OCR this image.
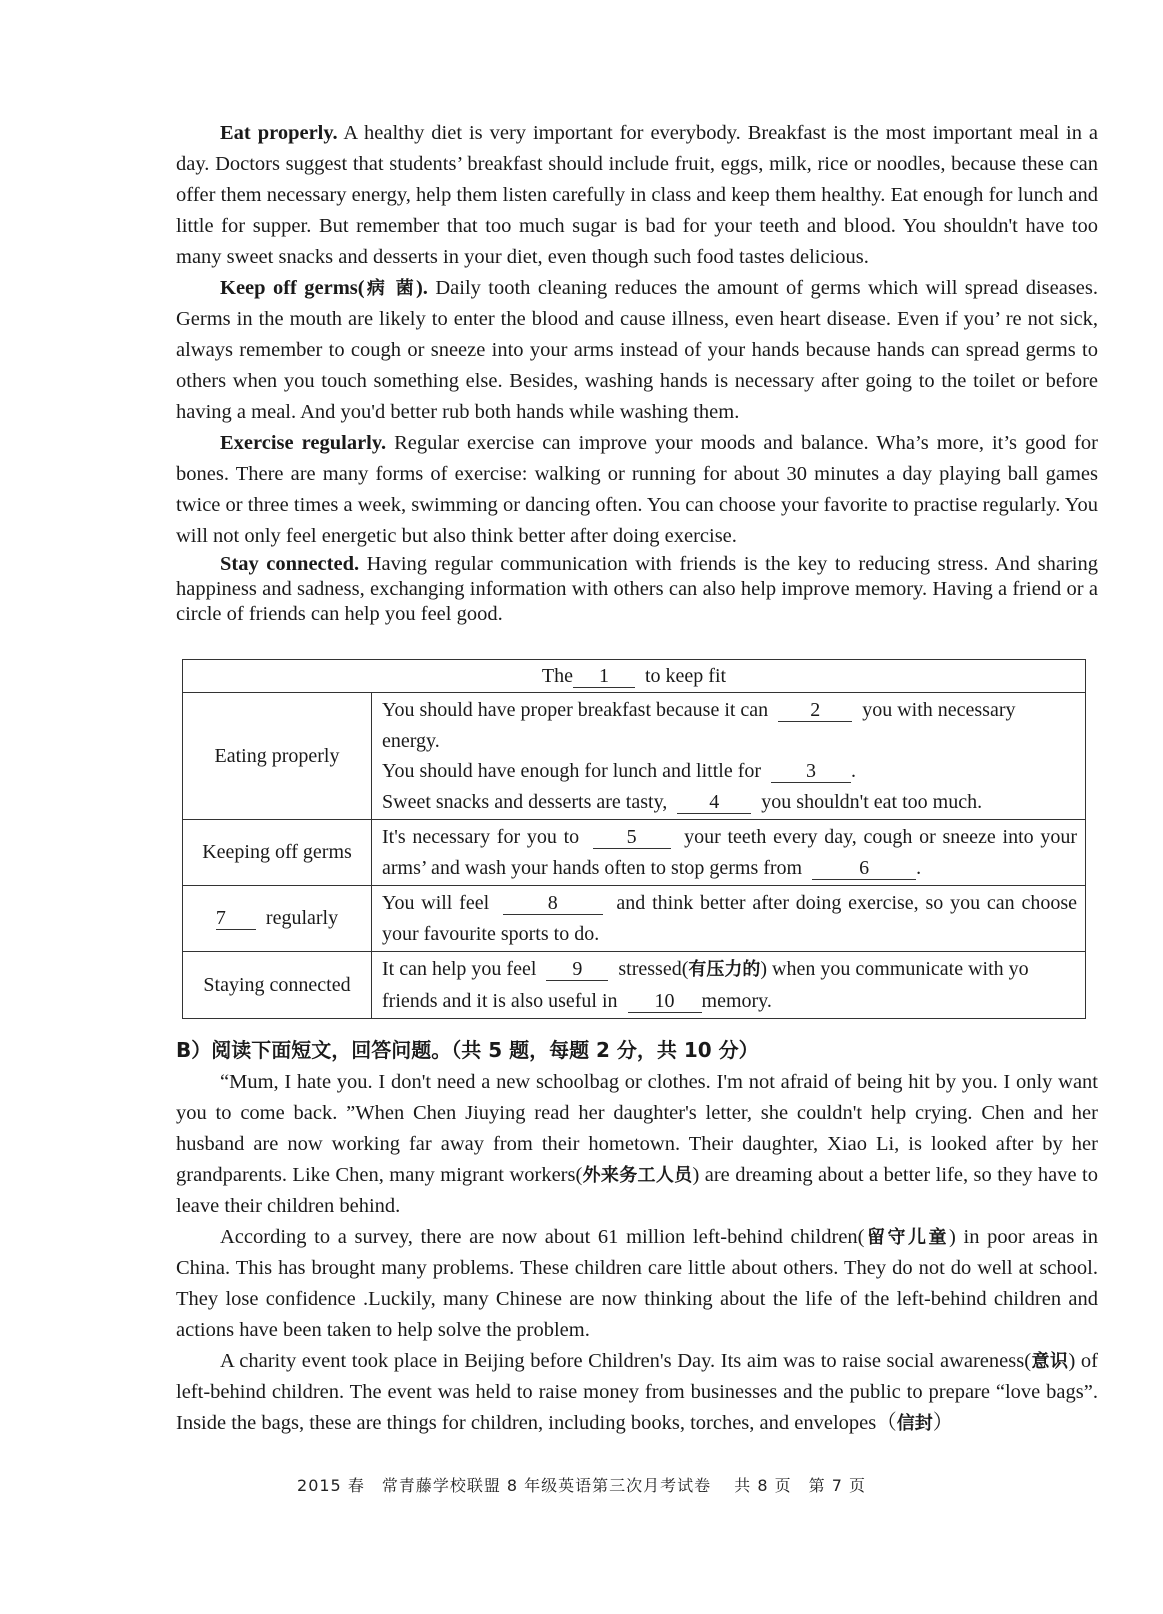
Eat properly. A healthy diet is very important for everybody. Breakfast is the most important meal in a day. Doctors suggest that students’ breakfast should include fruit, eggs, milk, rice or noodles, because these can offer them necessary energy, help them listen carefully in class and keep them healthy. Eat enough for lunch and little for supper. But remember that too much sugar is bad for your teeth and blood. You shouldn't have too many sweet snacks and desserts in your diet, even though such food tastes delicious.

Keep off germs(病 菌). Daily tooth cleaning reduces the amount of germs which will spread diseases. Germs in the mouth are likely to enter the blood and cause illness, even heart disease. Even if you’ re not sick, always remember to cough or sneeze into your arms instead of your hands because hands can spread germs to others when you touch something else. Besides, washing hands is necessary after going to the toilet or before having a meal. And you'd better rub both hands while washing them.

Exercise regularly. Regular exercise can improve your moods and balance. Wha’s more, it’s good for bones. There are many forms of exercise: walking or running for about 30 minutes a day playing ball games twice or three times a week, swimming or dancing often. You can choose your favorite to practise regularly. You will not only feel energetic but also think better after doing exercise.

Stay connected. Having regular communication with friends is the key to reducing stress. And sharing happiness and sadness, exchanging information with others can also help improve memory. Having a friend or a circle of friends can help you feel good.

The 1 to keep fit	
Eating properly	You should have proper breakfast because it can 2 you with necessary energy.
You should have enough for lunch and little for 3 .
Sweet snacks and desserts are tasty, 4 you shouldn't eat too much.
Keeping off germs	It's necessary for you to 5 your teeth every day, cough or sneeze into your arms’ and wash your hands often to stop germs from 6 .
7 regularly	You will feel 8 and think better after doing exercise, so you can choose your favourite sports to do.
Staying connected	It can help you feel 9 stressed(有压力的) when you communicate with yo
friends and it is also useful in 10 memory.
B）阅读下面短文，回答问题。（共 5 题，每题 2 分，共 10 分）

“Mum, I hate you. I don't need a new schoolbag or clothes. I'm not afraid of being hit by you. I only want you to come back. ”When Chen Jiuying read her daughter's letter, she couldn't help crying. Chen and her husband are now working far away from their hometown. Their daughter, Xiao Li, is looked after by her grandparents. Like Chen, many migrant workers(外来务工人员) are dreaming about a better life, so they have to leave their children behind.

According to a survey, there are now about 61 million left-behind children(留守儿童) in poor areas in China. This has brought many problems. These children care little about others. They do not do well at school. They lose confidence .Luckily, many Chinese are now thinking about the life of the left-behind children and actions have been taken to help solve the problem.

A charity event took place in Beijing before Children's Day. Its aim was to raise social awareness(意识) of left-behind children. The event was held to raise money from businesses and the public to prepare “love bags”. Inside the bags, these are things for children, including books, torches, and envelopes（信封）

2015 春　常青藤学校联盟 8 年级英语第三次月考试卷　 共 8 页　第 7 页
